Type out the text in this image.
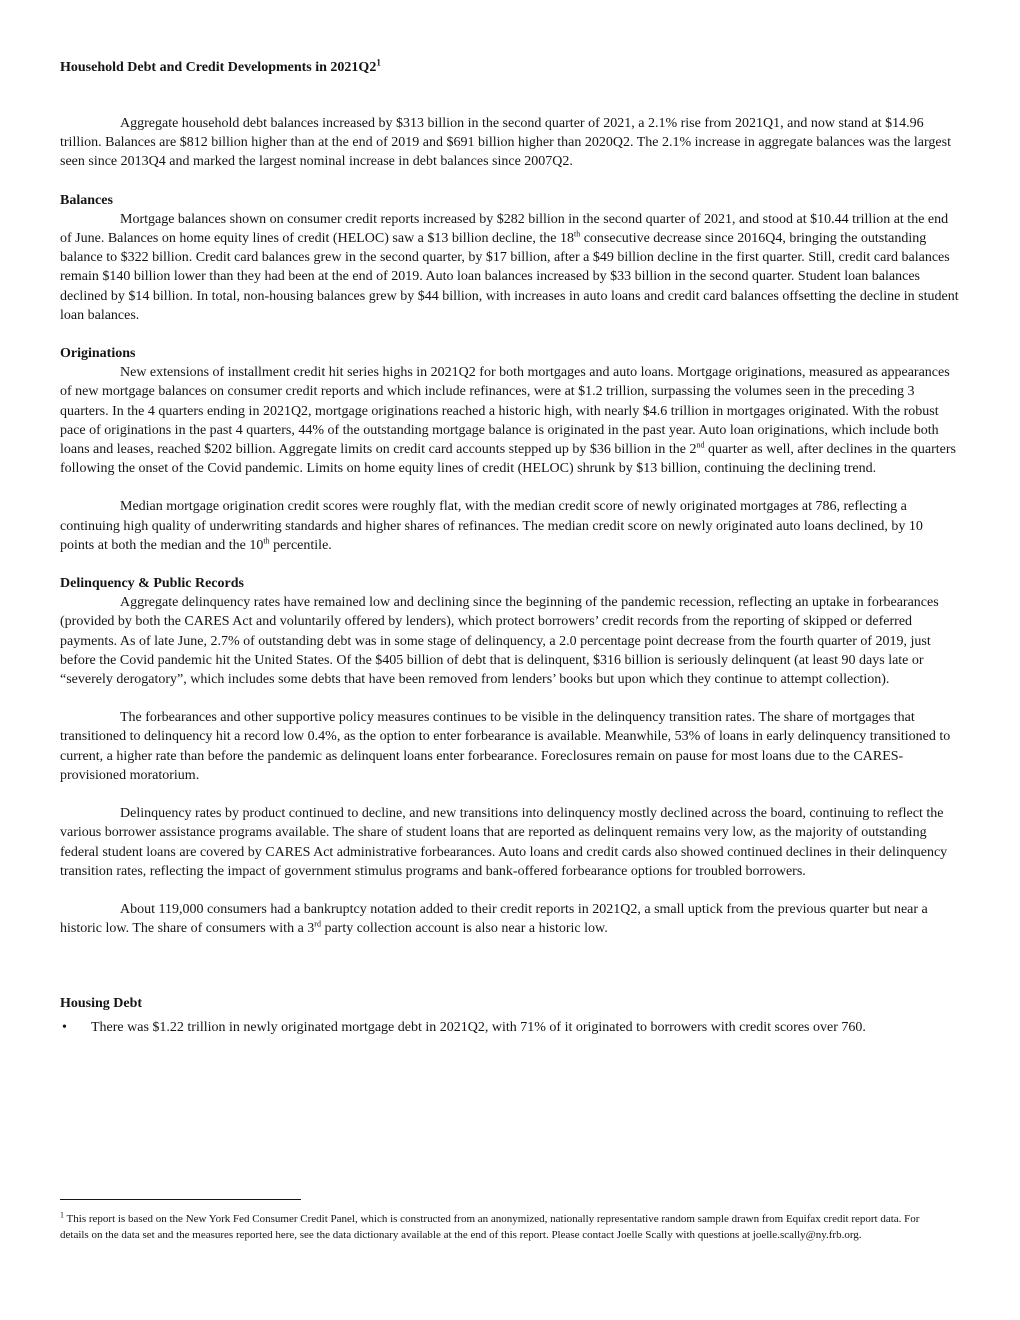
Household Debt and Credit Developments in $2021Q2^1$

Aggregate household debt balances increased by $313 billion in the second quarter of 2021, a 2.1% rise from 2021Q1, and now stand at $14.96 trillion. Balances are $812 billion higher than at the end of 2019 and $691 billion higher than 2020Q2. The 2.1% increase in aggregate balances was the largest seen since 2013Q4 and marked the largest nominal increase in debt balances since 2007Q2.

Balances

Mortgage balances shown on consumer credit reports increased by $282 billion in the second quarter of 2021, and stood at $10.44 trillion at the end of June. Balances on home equity lines of credit (HELOC) saw a $13 billion decline, the 18th consecutive decrease since 2016Q4, bringing the outstanding balance to $322 billion. Credit card balances grew in the second quarter, by $17 billion, after a $49 billion decline in the first quarter. Still, credit card balances remain $140 billion lower than they had been at the end of 2019. Auto loan balances increased by $33 billion in the second quarter. Student loan balances declined by $14 billion. In total, non-housing balances grew by $44 billion, with increases in auto loans and credit card balances offsetting the decline in student loan balances.

Originations

New extensions of installment credit hit series highs in 2021Q2 for both mortgages and auto loans. Mortgage originations, measured as appearances of new mortgage balances on consumer credit reports and which include refinances, were at $1.2 trillion, surpassing the volumes seen in the preceding 3 quarters. In the 4 quarters ending in 2021Q2, mortgage originations reached a historic high, with nearly $4.6 trillion in mortgages originated. With the robust pace of originations in the past 4 quarters, 44% of the outstanding mortgage balance is originated in the past year. Auto loan originations, which include both loans and leases, reached $202 billion. Aggregate limits on credit card accounts stepped up by $36 billion in the 2nd quarter as well, after declines in the quarters following the onset of the Covid pandemic. Limits on home equity lines of credit (HELOC) shrunk by $13 billion, continuing the declining trend.

Median mortgage origination credit scores were roughly flat, with the median credit score of newly originated mortgages at 786, reflecting a continuing high quality of underwriting standards and higher shares of refinances. The median credit score on newly originated auto loans declined, by 10 points at both the median and the 10th percentile.

Delinquency & Public Records

Aggregate delinquency rates have remained low and declining since the beginning of the pandemic recession, reflecting an uptake in forbearances (provided by both the CARES Act and voluntarily offered by lenders), which protect borrowers’ credit records from the reporting of skipped or deferred payments. As of late June, 2.7% of outstanding debt was in some stage of delinquency, a 2.0 percentage point decrease from the fourth quarter of 2019, just before the Covid pandemic hit the United States. Of the $405 billion of debt that is delinquent, $316 billion is seriously delinquent (at least 90 days late or “severely derogatory”, which includes some debts that have been removed from lenders’ books but upon which they continue to attempt collection).

The forbearances and other supportive policy measures continues to be visible in the delinquency transition rates. The share of mortgages that transitioned to delinquency hit a record low 0.4%, as the option to enter forbearance is available. Meanwhile, 53% of loans in early delinquency transitioned to current, a higher rate than before the pandemic as delinquent loans enter forbearance. Foreclosures remain on pause for most loans due to the CARES-provisioned moratorium.

Delinquency rates by product continued to decline, and new transitions into delinquency mostly declined across the board, continuing to reflect the various borrower assistance programs available. The share of student loans that are reported as delinquent remains very low, as the majority of outstanding federal student loans are covered by CARES Act administrative forbearances. Auto loans and credit cards also showed continued declines in their delinquency transition rates, reflecting the impact of government stimulus programs and bank-offered forbearance options for troubled borrowers.

About 119,000 consumers had a bankruptcy notation added to their credit reports in 2021Q2, a small uptick from the previous quarter but near a historic low. The share of consumers with a 3rd party collection account is also near a historic low.

Housing Debt
•	There was $1.22 trillion in newly originated mortgage debt in 2021Q2, with 71% of it originated to borrowers with credit scores over 760.
$^1$ This report is based on the New York Fed Consumer Credit Panel, which is constructed from an anonymized, nationally representative random sample drawn from Equifax credit report data. For details on the data set and the measures reported here, see the data dictionary available at the end of this report. Please contact Joelle Scally with questions at joelle.scally@ny.frb.org.
